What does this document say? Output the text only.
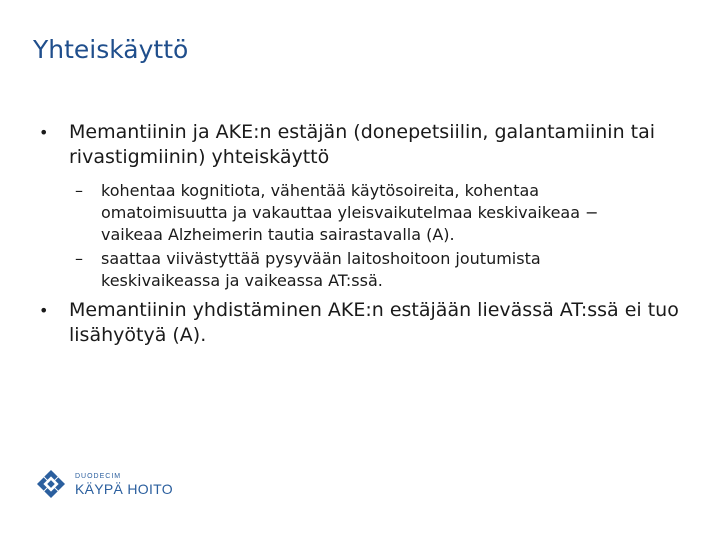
Yhteiskäyttö
• Memantiinin ja AKE:n estäjän (donepetsiilin, galantamiinin tai rivastigmiinin) yhteiskäyttö
– kohentaa kognitiota, vähentää käytösoireita, kohentaa omatoimisuutta ja vakauttaa yleisvaikutelmaa keskivaikeaa − vaikeaa Alzheimerin tautia sairastavalla (A).
– saattaa viivästyttää pysyvään laitoshoitoon joutumista keskivaikeassa ja vaikeassa AT:ssä.
• Memantiinin yhdistäminen AKE:n estäjään lievässä AT:ssä ei tuo lisähyötyä (A).
DUODECIM
KÄYPÄ HOITO
